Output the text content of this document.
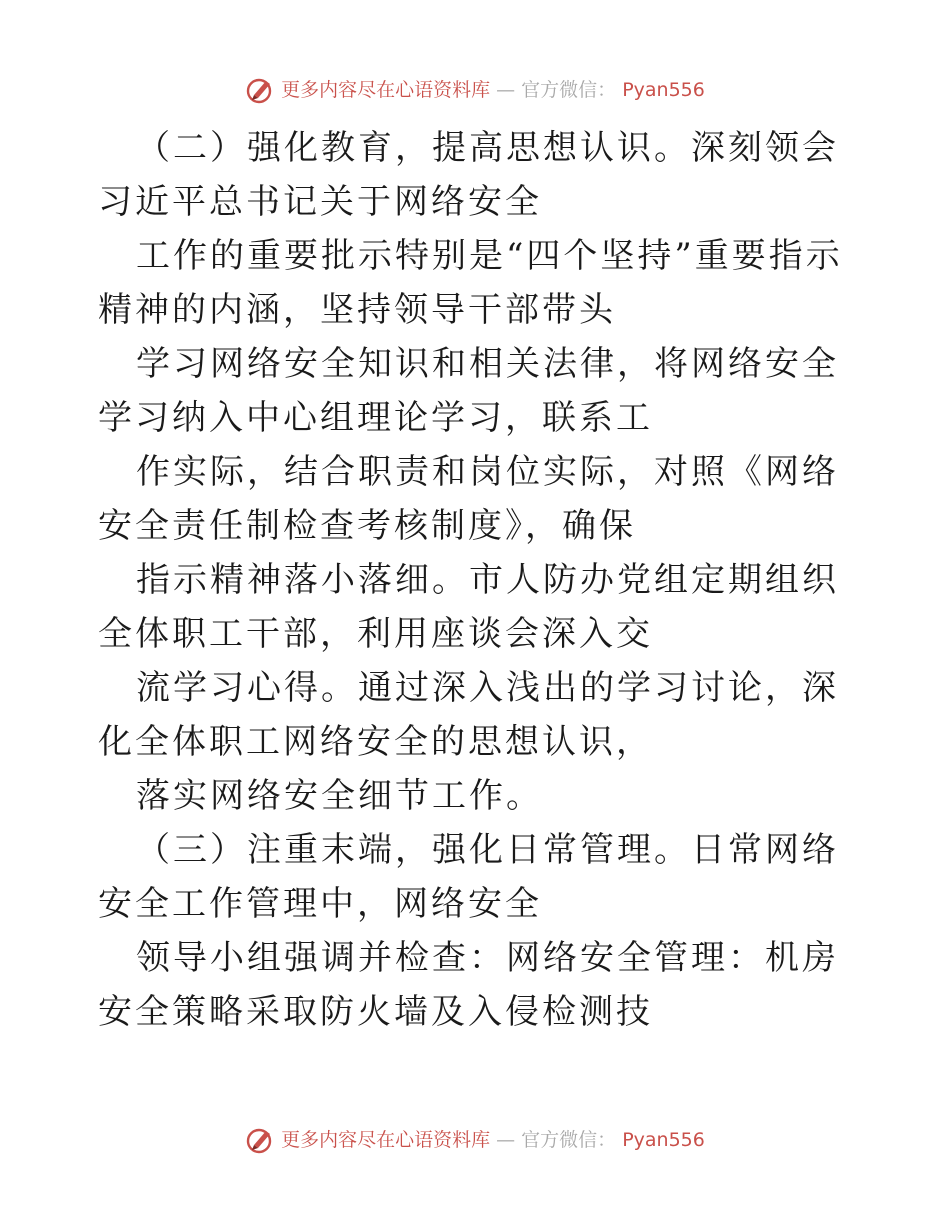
更多内容尽在心语资料库 — 官方微信： Pyan556

（二）强化教育，提高思想认识。深刻领会习近平总书记关于网络安全

工作的重要批示特别是“四个坚持”重要指示精神的内涵，坚持领导干部带头

学习网络安全知识和相关法律，将网络安全学习纳入中心组理论学习，联系工

作实际，结合职责和岗位实际，对照《网络安全责任制检查考核制度》，确保

指示精神落小落细。市人防办党组定期组织全体职工干部，利用座谈会深入交

流学习心得。通过深入浅出的学习讨论，深化全体职工网络安全的思想认识，

落实网络安全细节工作。

（三）注重末端，强化日常管理。日常网络安全工作管理中，网络安全

领导小组强调并检查：网络安全管理：机房安全策略采取防火墙及入侵检测技

更多内容尽在心语资料库 — 官方微信： Pyan556
